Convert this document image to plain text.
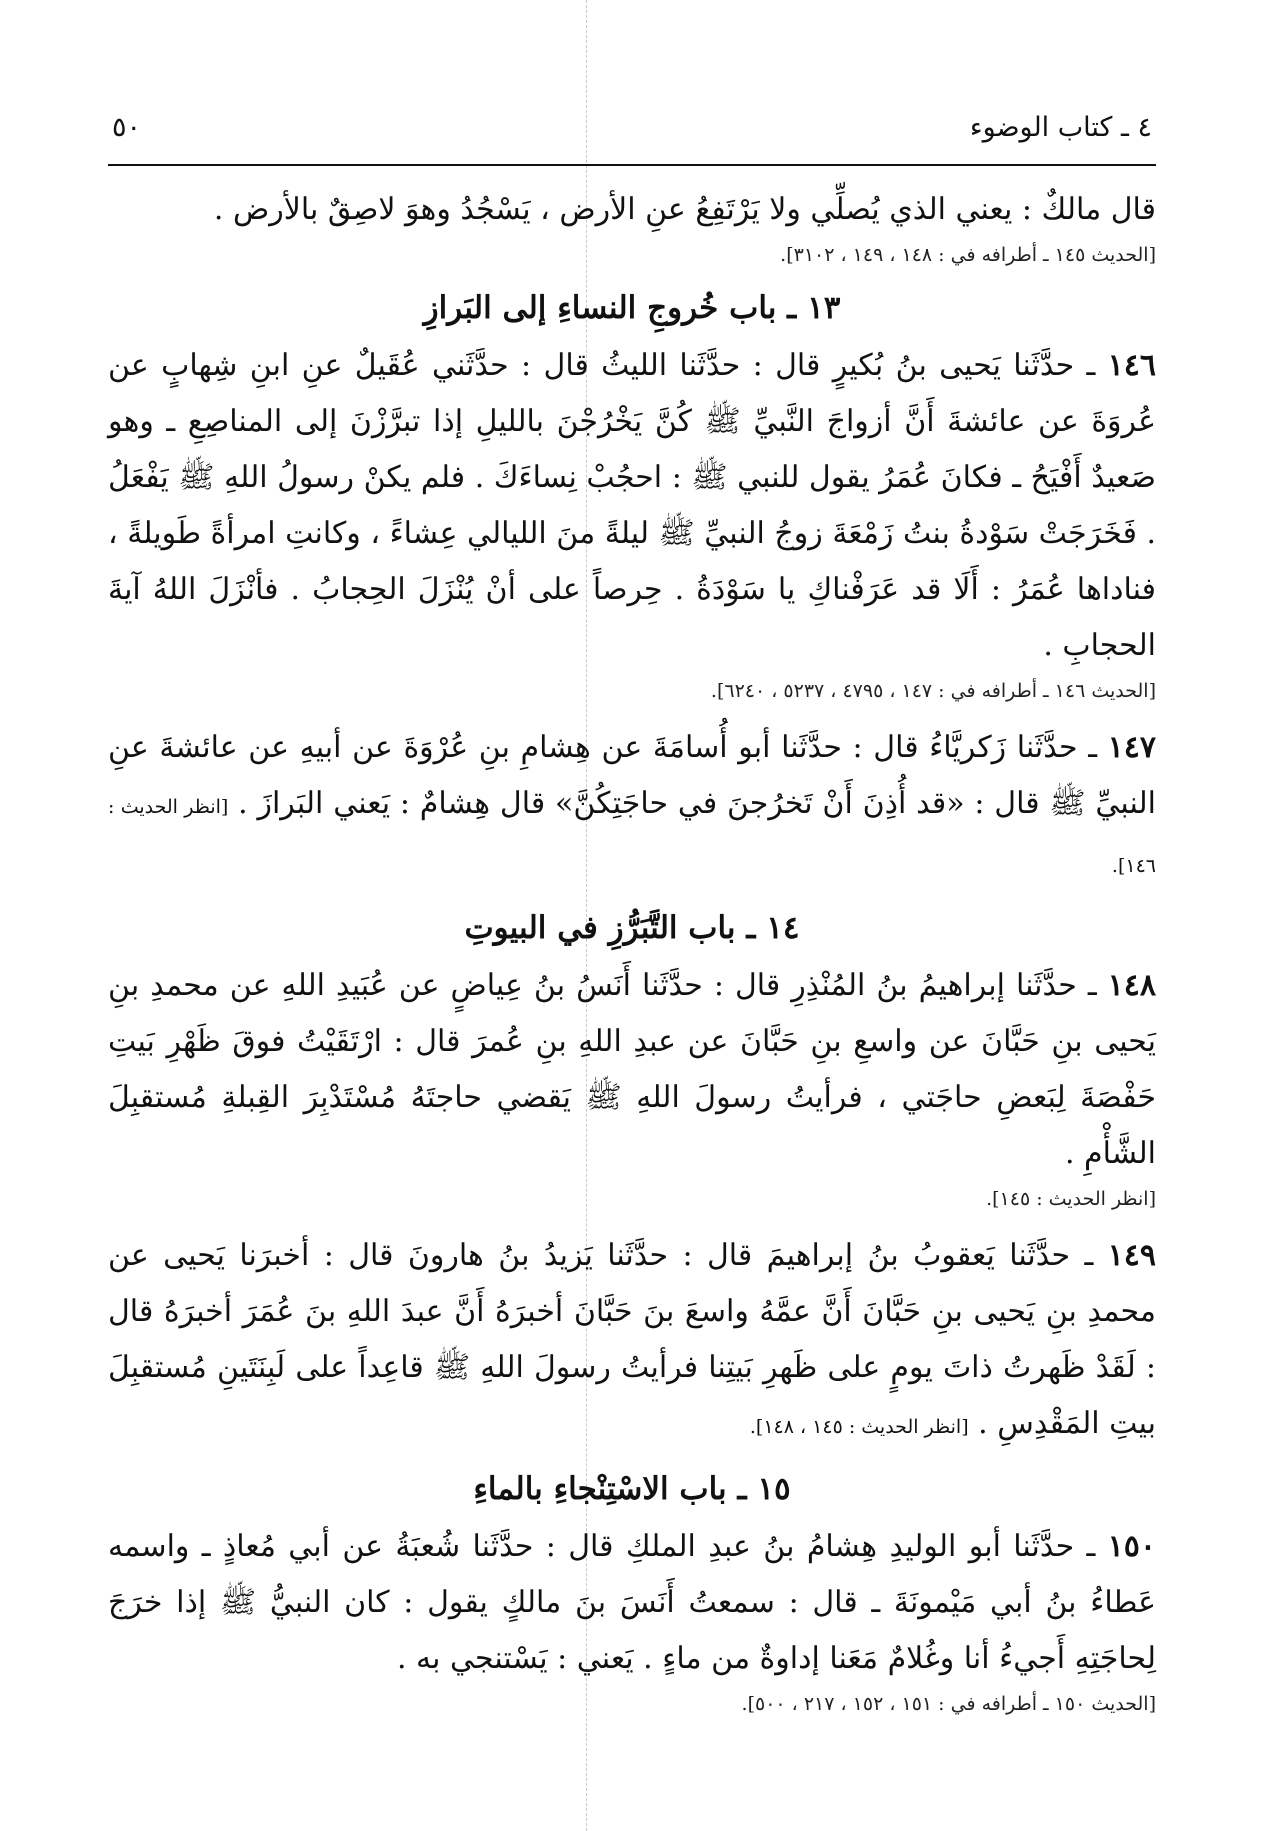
٤ ـ كتاب الوضوء
٥٠

قال مالكٌ : يعني الذي يُصلِّي ولا يَرْتَفِعُ عنِ الأرض ، يَسْجُدُ وهوَ لاصِقٌ بالأرض .

[الحديث ١٤٥ ـ أطرافه في : ١٤٨ ، ١٤٩ ، ٣١٠٢].
١٣ ـ باب خُروجِ النساءِ إلى البَرازِ

١٤٦ ـ حدَّثَنا يَحيى بنُ بُكيرٍ قال : حدَّثَنا الليثُ قال : حدَّثَني عُقَيلٌ عنِ ابنِ شِهابٍ عن عُروَةَ عن عائشةَ أَنَّ أزواجَ النَّبيِّ ﷺ كُنَّ يَخْرُجْنَ بالليلِ إذا تبرَّزْنَ إلى المناصِعِ ـ وهو صَعيدٌ أَفْيَحُ ـ فكانَ عُمَرُ يقول للنبي ﷺ : احجُبْ نِساءَكَ . فلم يكنْ رسولُ اللهِ ﷺ يَفْعَلُ . فَخَرَجَتْ سَوْدةُ بنتُ زَمْعَةَ زوجُ النبيِّ ﷺ ليلةً منَ الليالي عِشاءً ، وكانتِ امرأةً طَويلةً ، فناداها عُمَرُ : أَلَا قد عَرَفْناكِ يا سَوْدَةُ . حِرصاً على أنْ يُنْزَلَ الحِجابُ . فأنْزَلَ اللهُ آيةَ الحجابِ .

[الحديث ١٤٦ ـ أطرافه في : ١٤٧ ، ٤٧٩٥ ، ٥٢٣٧ ، ٦٢٤٠].

١٤٧ ـ حدَّثَنا زَكريَّاءُ قال : حدَّثَنا أبو أُسامَةَ عن هِشامِ بنِ عُرْوَةَ عن أبيهِ عن عائشةَ عنِ النبيِّ ﷺ قال : «قد أُذِنَ أَنْ تَخرُجنَ في حاجَتِكُنَّ» قال هِشامٌ : يَعني البَرازَ . [انظر الحديث : ١٤٦].

١٤ ـ باب التَّبَرُّزِ في البيوتِ

١٤٨ ـ حدَّثَنا إبراهيمُ بنُ المُنْذِرِ قال : حدَّثَنا أَنَسُ بنُ عِياضٍ عن عُبَيدِ اللهِ عن محمدِ بنِ يَحيى بنِ حَبَّانَ عن واسعِ بنِ حَبَّانَ عن عبدِ اللهِ بنِ عُمرَ قال : ارْتَقَيْتُ فوقَ ظَهْرِ بَيتِ حَفْصَةَ لِبَعضِ حاجَتي ، فرأيتُ رسولَ اللهِ ﷺ يَقضي حاجتَهُ مُسْتَدْبِرَ القِبلةِ مُستقبِلَ الشَّأْمِ .

[انظر الحديث : ١٤٥].

١٤٩ ـ حدَّثَنا يَعقوبُ بنُ إبراهيمَ قال : حدَّثَنا يَزيدُ بنُ هارونَ قال : أخبرَنا يَحيى عن محمدِ بنِ يَحيى بنِ حَبَّانَ أَنَّ عمَّهُ واسعَ بنَ حَبَّانَ أخبرَهُ أَنَّ عبدَ اللهِ بنَ عُمَرَ أخبرَهُ قال : لَقَدْ ظَهرتُ ذاتَ يومٍ على ظَهرِ بَيتِنا فرأيتُ رسولَ اللهِ ﷺ قاعِداً على لَبِنَتَينِ مُستقبِلَ بيتِ المَقْدِسِ . [انظر الحديث : ١٤٥ ، ١٤٨].

١٥ ـ باب الاسْتِنْجاءِ بالماءِ

١٥٠ ـ حدَّثَنا أبو الوليدِ هِشامُ بنُ عبدِ الملكِ قال : حدَّثَنا شُعبَةُ عن أبي مُعاذٍ ـ واسمه عَطاءُ بنُ أبي مَيْمونَةَ ـ قال : سمعتُ أَنَسَ بنَ مالكٍ يقول : كان النبيُّ ﷺ إذا خرَجَ لِحاجَتِهِ أَجيءُ أنا وغُلامٌ مَعَنا إداوةٌ من ماءٍ . يَعني : يَسْتنجي به .

[الحديث ١٥٠ ـ أطرافه في : ١٥١ ، ١٥٢ ، ٢١٧ ، ٥٠٠].
